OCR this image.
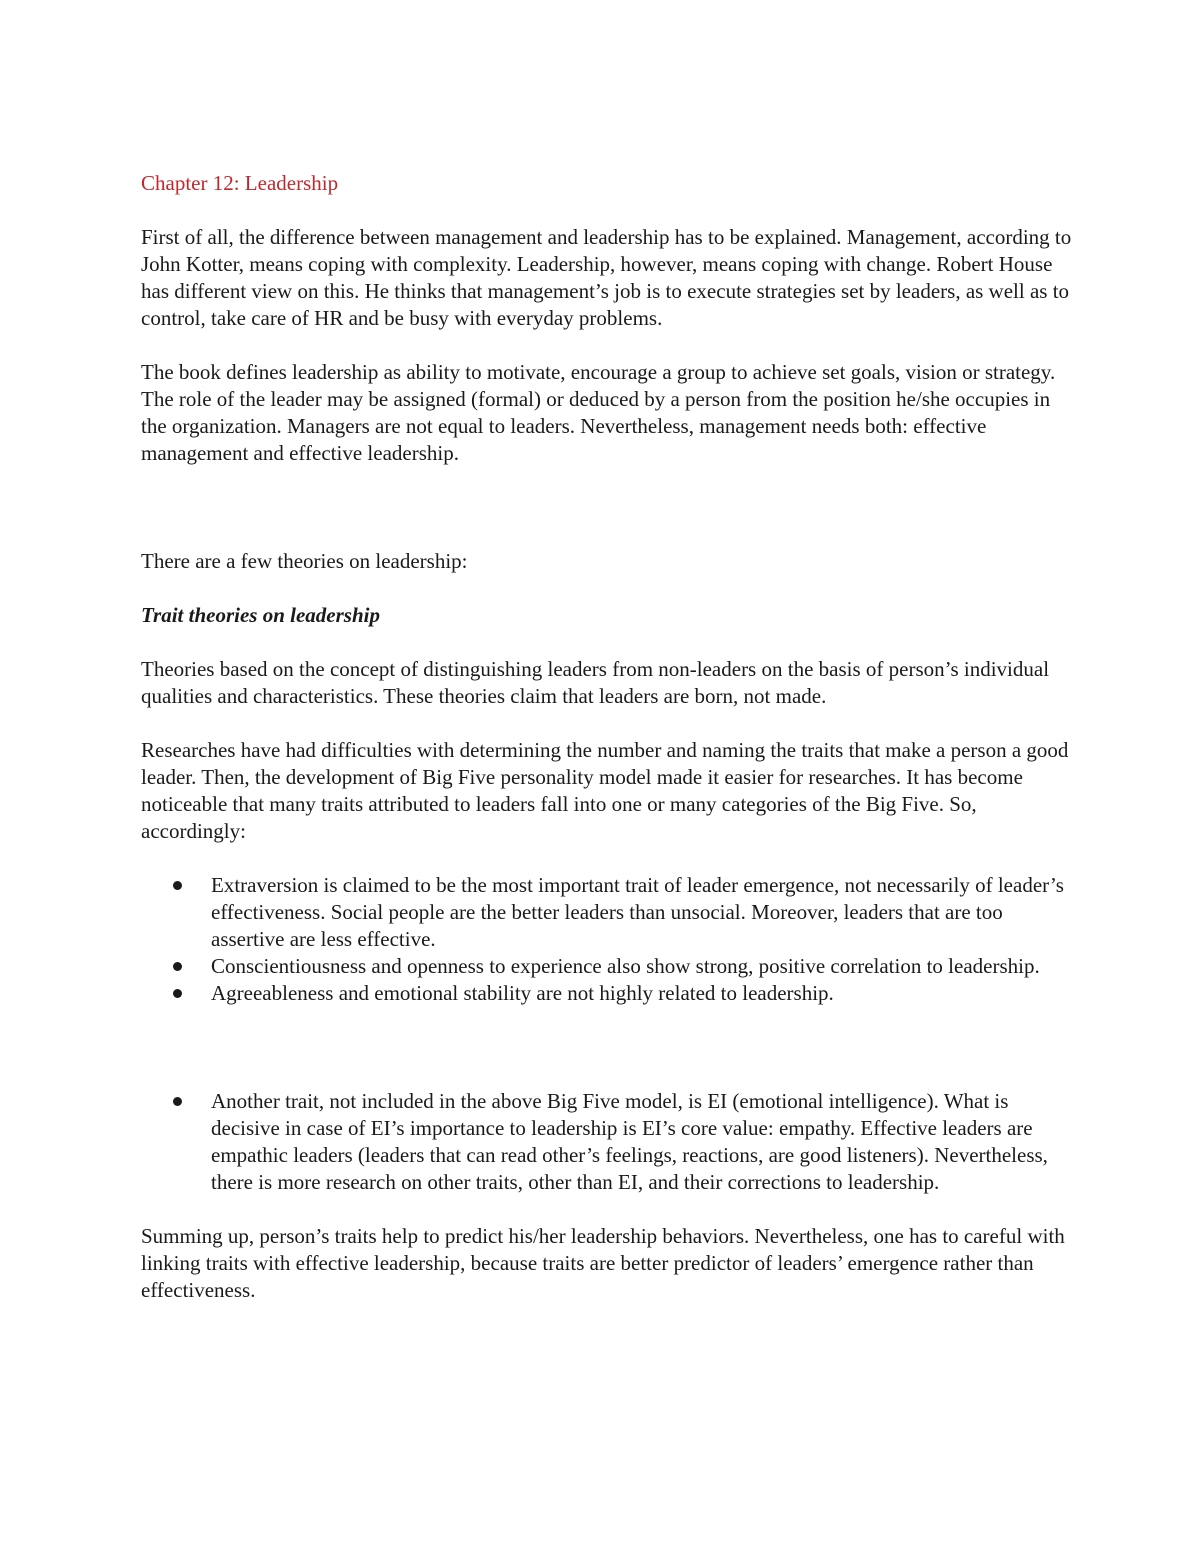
Chapter 12: Leadership

First of all, the difference between management and leadership has to be explained. Management, according to John Kotter, means coping with complexity. Leadership, however, means coping with change. Robert House has different view on this. He thinks that management’s job is to execute strategies set by leaders, as well as to control, take care of HR and be busy with everyday problems.

The book defines leadership as ability to motivate, encourage a group to achieve set goals, vision or strategy. The role of the leader may be assigned (formal) or deduced by a person from the position he/she occupies in the organization. Managers are not equal to leaders. Nevertheless, management needs both: effective management and effective leadership.

There are a few theories on leadership:

Trait theories on leadership

Theories based on the concept of distinguishing leaders from non-leaders on the basis of person’s individual qualities and characteristics. These theories claim that leaders are born, not made.

Researches have had difficulties with determining the number and naming the traits that make a person a good leader. Then, the development of Big Five personality model made it easier for researches. It has become noticeable that many traits attributed to leaders fall into one or many categories of the Big Five. So, accordingly:

Extraversion is claimed to be the most important trait of leader emergence, not necessarily of leader’s effectiveness. Social people are the better leaders than unsocial. Moreover, leaders that are too assertive are less effective.
Conscientiousness and openness to experience also show strong, positive correlation to leadership.
Agreeableness and emotional stability are not highly related to leadership.
Another trait, not included in the above Big Five model, is EI (emotional intelligence). What is decisive in case of EI’s importance to leadership is EI’s core value: empathy. Effective leaders are empathic leaders (leaders that can read other’s feelings, reactions, are good listeners). Nevertheless, there is more research on other traits, other than EI, and their corrections to leadership.

Summing up, person’s traits help to predict his/her leadership behaviors. Nevertheless, one has to careful with linking traits with effective leadership, because traits are better predictor of leaders’ emergence rather than effectiveness.
